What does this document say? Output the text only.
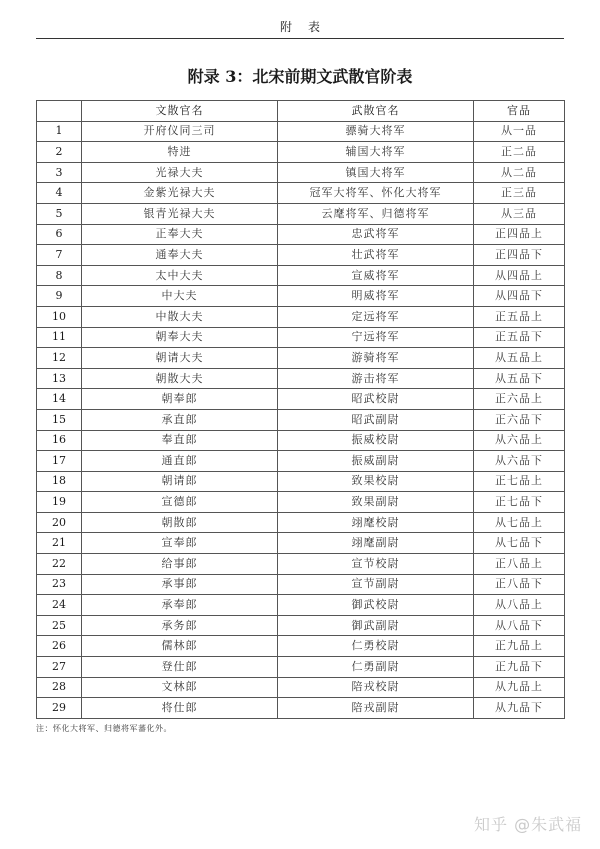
附表
附录 3：北宋前期文武散官阶表
	文散官名	武散官名	官品
1	开府仪同三司	骠骑大将军	从一品
2	特进	辅国大将军	正二品
3	光禄大夫	镇国大将军	从二品
4	金紫光禄大夫	冠军大将军、怀化大将军	正三品
5	银青光禄大夫	云麾将军、归德将军	从三品
6	正奉大夫	忠武将军	正四品上
7	通奉大夫	壮武将军	正四品下
8	太中大夫	宣威将军	从四品上
9	中大夫	明威将军	从四品下
10	中散大夫	定远将军	正五品上
11	朝奉大夫	宁远将军	正五品下
12	朝请大夫	游骑将军	从五品上
13	朝散大夫	游击将军	从五品下
14	朝奉郎	昭武校尉	正六品上
15	承直郎	昭武副尉	正六品下
16	奉直郎	振威校尉	从六品上
17	通直郎	振威副尉	从六品下
18	朝请郎	致果校尉	正七品上
19	宣德郎	致果副尉	正七品下
20	朝散郎	翊麾校尉	从七品上
21	宣奉郎	翊麾副尉	从七品下
22	给事郎	宣节校尉	正八品上
23	承事郎	宣节副尉	正八品下
24	承奉郎	御武校尉	从八品上
25	承务郎	御武副尉	从八品下
26	儒林郎	仁勇校尉	正九品上
27	登仕郎	仁勇副尉	正九品下
28	文林郎	陪戎校尉	从九品上
29	将仕郎	陪戎副尉	从九品下
注：怀化大将军、归德将军蕃化外。
知乎 @朱武福
